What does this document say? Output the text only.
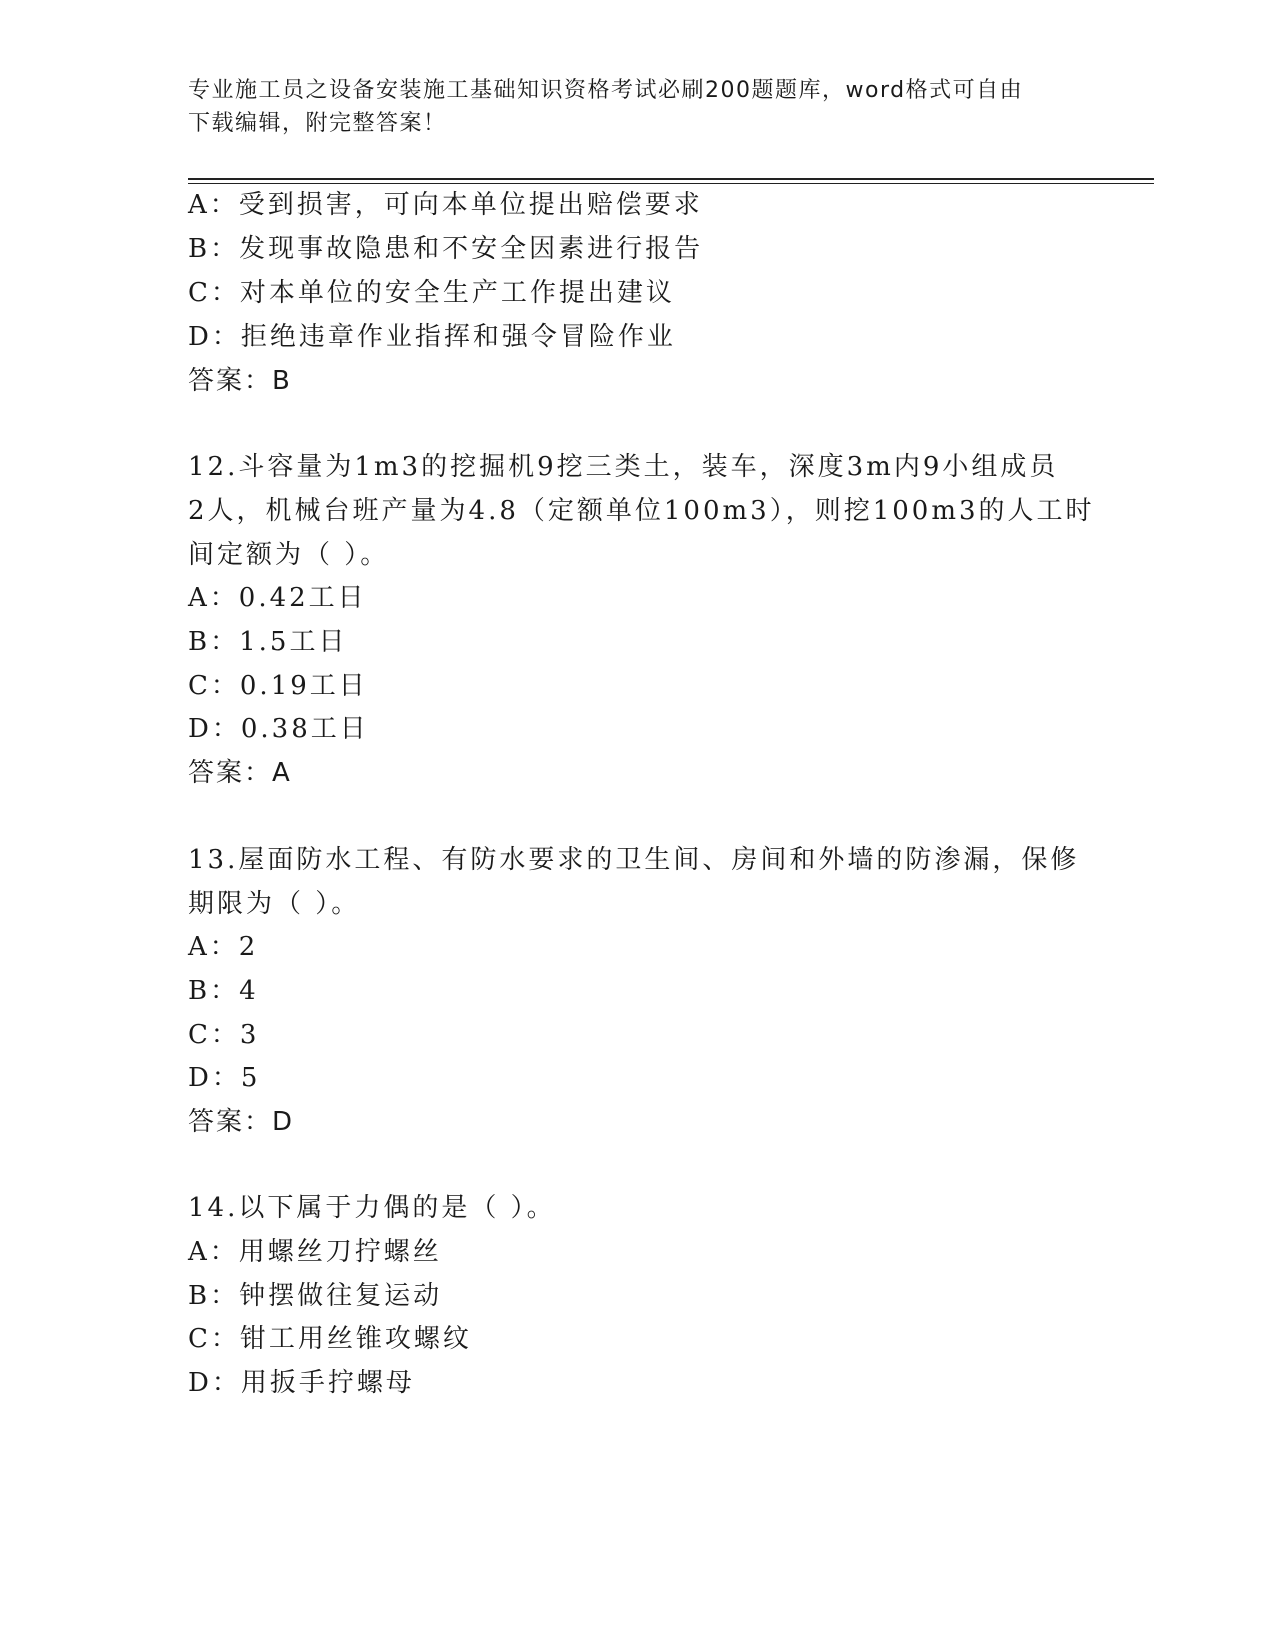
专业施工员之设备安装施工基础知识资格考试必刷200题题库，word格式可自由
下载编辑，附完整答案！
A：受到损害，可向本单位提出赔偿要求
B：发现事故隐患和不安全因素进行报告
C：对本单位的安全生产工作提出建议
D：拒绝违章作业指挥和强令冒险作业
答案：B
12.斗容量为1m3的挖掘机9挖三类土，装车，深度3m内9小组成员
2人，机械台班产量为4.8（定额单位100m3），则挖100m3的人工时
间定额为（ ）。
A：0.42工日
B：1.5工日
C：0.19工日
D：0.38工日
答案：A
13.屋面防水工程、有防水要求的卫生间、房间和外墙的防渗漏，保修
期限为（ ）。
A：2
B：4
C：3
D：5
答案：D
14.以下属于力偶的是（ ）。
A：用螺丝刀拧螺丝
B：钟摆做往复运动
C：钳工用丝锥攻螺纹
D：用扳手拧螺母
